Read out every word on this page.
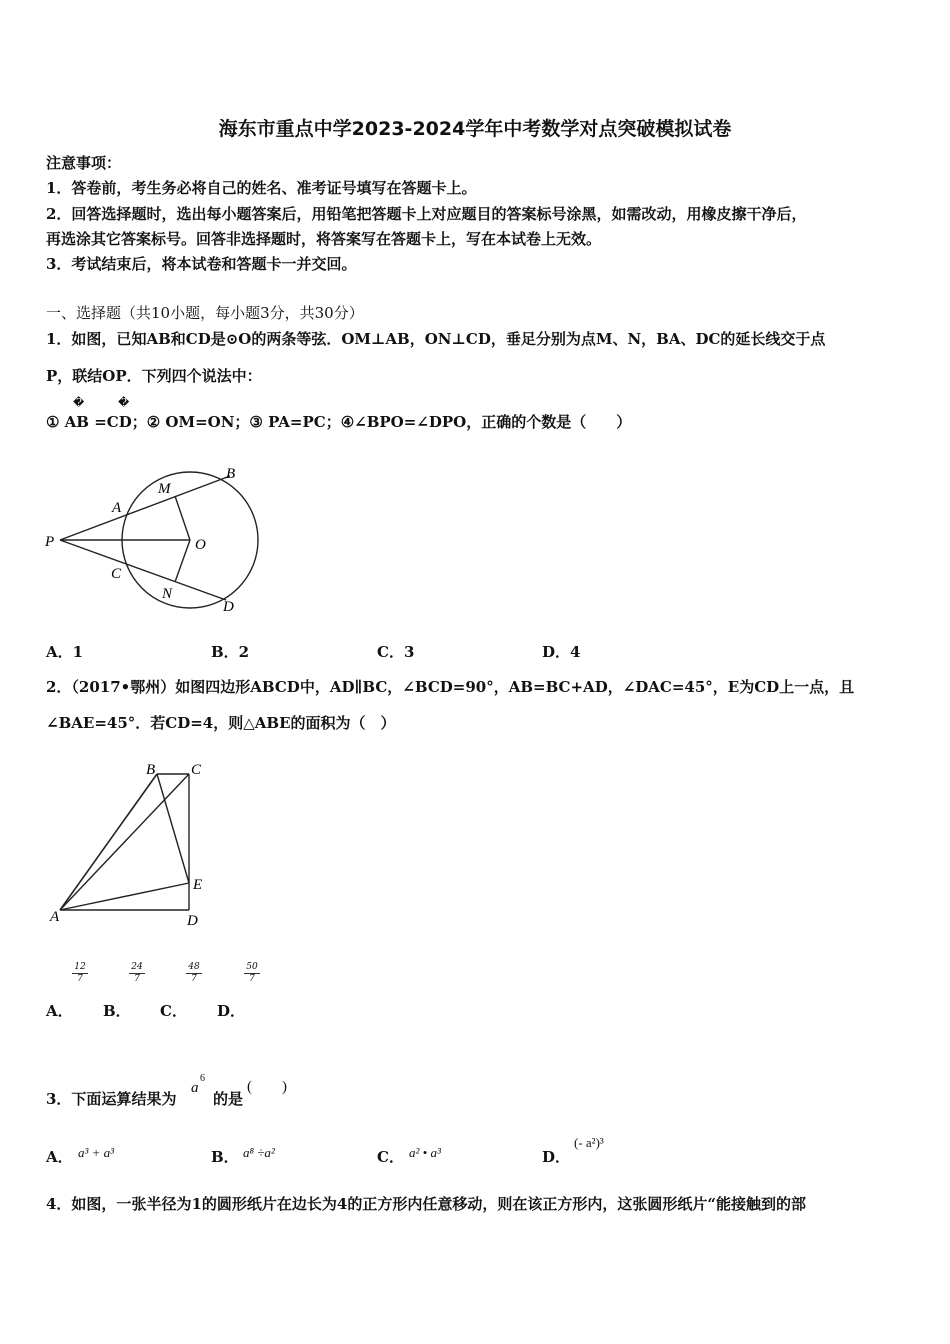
海东市重点中学2023-2024学年中考数学对点突破模拟试卷
注意事项：
1．答卷前，考生务必将自己的姓名、准考证号填写在答题卡上。
2．回答选择题时，选出每小题答案后，用铅笔把答题卡上对应题目的答案标号涂黑，如需改动，用橡皮擦干净后，
再选涂其它答案标号。回答非选择题时，将答案写在答题卡上，写在本试卷上无效。
3．考试结束后，将本试卷和答题卡一并交回。
一、选择题（共10小题，每小题3分，共30分）
1．如图，已知AB和CD是⊙O的两条等弦．OM⊥AB，ON⊥CD，垂足分别为点M、N，BA、DC的延长线交于点
P，联结OP．下列四个说法中：
�	�
① AB =CD；② OM=ON；③ PA=PC；④∠BPO=∠DPO，正确的个数是（　　）
P
A
M
B
O
C
N
D
A．1	B．2	C．3	D．4
2．（2017•鄂州）如图四边形ABCD中，AD∥BC，∠BCD=90°，AB=BC+AD，∠DAC=45°，E为CD上一点，且
∠BAE=45°．若CD=4，则△ABE的面积为（　）
B C
E
A	D
12
7
24
7
48
7
50
7
A． B． C． D．
3．下面运算结果为
a
6
的是
(　　)
A． a³ + a³	B． a⁸ ÷a²	C． a² • a³	D．
(- a²)³
4．如图，一张半径为1的圆形纸片在边长为4的正方形内任意移动，则在该正方形内，这张圆形纸片“能接触到的部
